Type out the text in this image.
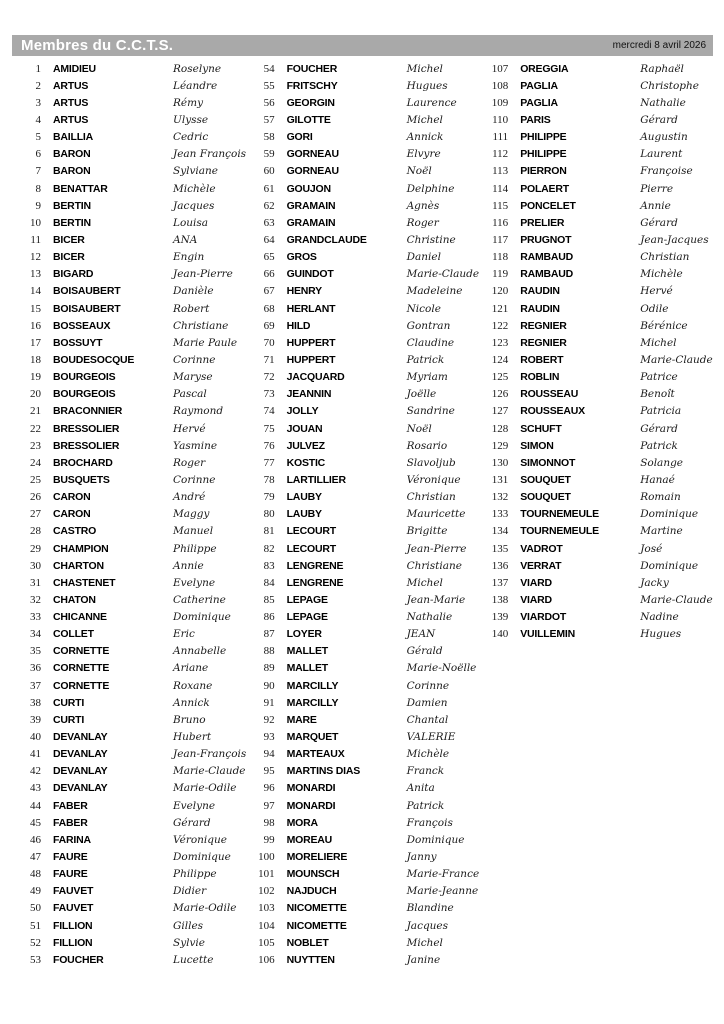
Membres du C.C.T.S.	mercredi 8 avril 2026
1 AMIDIEU	Roselyne
2 ARTUS	Léandre
3 ARTUS	Rémy
4 ARTUS	Ulysse
5 BAILLIA	Cedric
6 BARON	Jean François
7 BARON	Sylviane
8 BENATTAR	Michèle
9 BERTIN	Jacques
10 BERTIN	Louisa
11 BICER	ANA
12 BICER	Engin
13 BIGARD	Jean-Pierre
14 BOISAUBERT	Danièle
15 BOISAUBERT	Robert
16 BOSSEAUX	Christiane
17 BOSSUYT	Marie Paule
18 BOUDESOCQUE	Corinne
19 BOURGEOIS	Maryse
20 BOURGEOIS	Pascal
21 BRACONNIER	Raymond
22 BRESSOLIER	Hervé
23 BRESSOLIER	Yasmine
24 BROCHARD	Roger
25 BUSQUETS	Corinne
26 CARON	André
27 CARON	Maggy
28 CASTRO	Manuel
29 CHAMPION	Philippe
30 CHARTON	Annie
31 CHASTENET	Evelyne
32 CHATON	Catherine
33 CHICANNE	Dominique
34 COLLET	Eric
35 CORNETTE	Annabelle
36 CORNETTE	Ariane
37 CORNETTE	Roxane
38 CURTI	Annick
39 CURTI	Bruno
40 DEVANLAY	Hubert
41 DEVANLAY	Jean-François
42 DEVANLAY	Marie-Claude
43 DEVANLAY	Marie-Odile
44 FABER	Evelyne
45 FABER	Gérard
46 FARINA	Véronique
47 FAURE	Dominique
48 FAURE	Philippe
49 FAUVET	Didier
50 FAUVET	Marie-Odile
51 FILLION	Gilles
52 FILLION	Sylvie
53 FOUCHER	Lucette
54 FOUCHER	Michel
55 FRITSCHY	Hugues
56 GEORGIN	Laurence
57 GILOTTE	Michel
58 GORI	Annick
59 GORNEAU	Elvyre
60 GORNEAU	Noël
61 GOUJON	Delphine
62 GRAMAIN	Agnès
63 GRAMAIN	Roger
64 GRANDCLAUDE	Christine
65 GROS	Daniel
66 GUINDOT	Marie-Claude
67 HENRY	Madeleine
68 HERLANT	Nicole
69 HILD	Gontran
70 HUPPERT	Claudine
71 HUPPERT	Patrick
72 JACQUARD	Myriam
73 JEANNIN	Joëlle
74 JOLLY	Sandrine
75 JOUAN	Noël
76 JULVEZ	Rosario
77 KOSTIC	Slavoljub
78 LARTILLIER	Véronique
79 LAUBY	Christian
80 LAUBY	Mauricette
81 LECOURT	Brigitte
82 LECOURT	Jean-Pierre
83 LENGRENE	Christiane
84 LENGRENE	Michel
85 LEPAGE	Jean-Marie
86 LEPAGE	Nathalie
87 LOYER	JEAN
88 MALLET	Gérald
89 MALLET	Marie-Noëlle
90 MARCILLY	Corinne
91 MARCILLY	Damien
92 MARE	Chantal
93 MARQUET	VALERIE
94 MARTEAUX	Michèle
95 MARTINS DIAS	Franck
96 MONARDI	Anita
97 MONARDI	Patrick
98 MORA	François
99 MOREAU	Dominique
100 MORELIERE	Janny
101 MOUNSCH	Marie-France
102 NAJDUCH	Marie-Jeanne
103 NICOMETTE	Blandine
104 NICOMETTE	Jacques
105 NOBLET	Michel
106 NUYTTEN	Janine
107 OREGGIA	Raphaël
108 PAGLIA	Christophe
109 PAGLIA	Nathalie
110 PARIS	Gérard
111 PHILIPPE	Augustin
112 PHILIPPE	Laurent
113 PIERRON	Françoise
114 POLAERT	Pierre
115 PONCELET	Annie
116 PRELIER	Gérard
117 PRUGNOT	Jean-Jacques
118 RAMBAUD	Christian
119 RAMBAUD	Michèle
120 RAUDIN	Hervé
121 RAUDIN	Odile
122 REGNIER	Bérénice
123 REGNIER	Michel
124 ROBERT	Marie-Claude
125 ROBLIN	Patrice
126 ROUSSEAU	Benoît
127 ROUSSEAUX	Patricia
128 SCHUFT	Gérard
129 SIMON	Patrick
130 SIMONNOT	Solange
131 SOUQUET	Hanaé
132 SOUQUET	Romain
133 TOURNEMEULE	Dominique
134 TOURNEMEULE	Martine
135 VADROT	José
136 VERRAT	Dominique
137 VIARD	Jacky
138 VIARD	Marie-Claude
139 VIARDOT	Nadine
140 VUILLEMIN	Hugues
